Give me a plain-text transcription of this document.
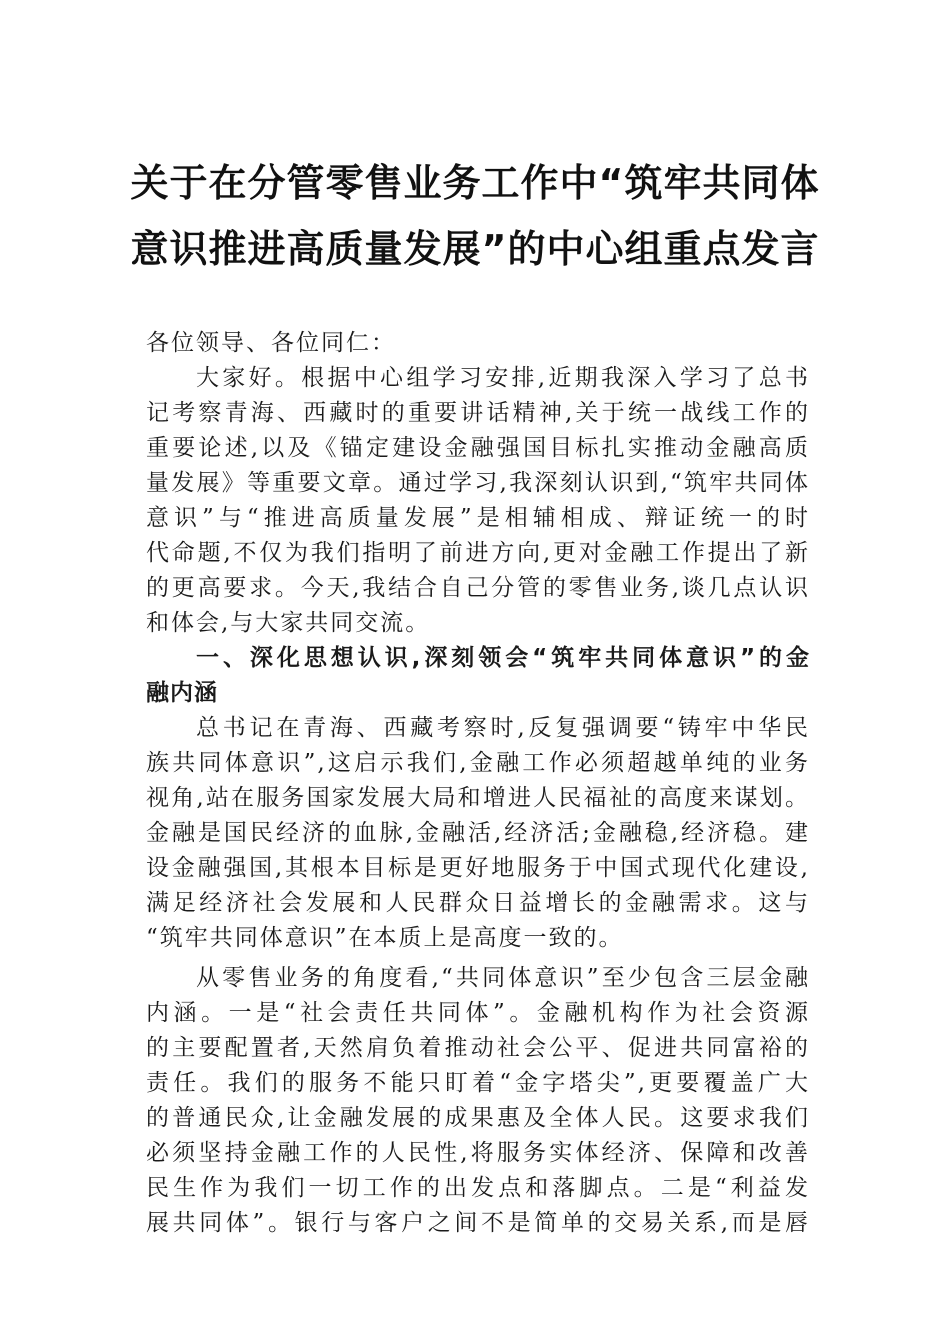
关于在分管零售业务工作中“筑牢共同体
意识推进高质量发展”的中心组重点发言
各位领导、各位同仁：
大家好。根据中心组学习安排,近期我深入学习了总书
记考察青海、西藏时的重要讲话精神,关于统一战线工作的
重要论述,以及《锚定建设金融强国目标扎实推动金融高质
量发展》等重要文章。通过学习,我深刻认识到,“筑牢共同体
意识”与“推进高质量发展”是相辅相成、辩证统一的时
代命题,不仅为我们指明了前进方向,更对金融工作提出了新
的更高要求。今天,我结合自己分管的零售业务,谈几点认识
和体会,与大家共同交流。
一、深化思想认识,深刻领会“筑牢共同体意识”的金
融内涵
总书记在青海、西藏考察时,反复强调要“铸牢中华民
族共同体意识”,这启示我们,金融工作必须超越单纯的业务
视角,站在服务国家发展大局和增进人民福祉的高度来谋划。
金融是国民经济的血脉,金融活,经济活;金融稳,经济稳。建
设金融强国,其根本目标是更好地服务于中国式现代化建设,
满足经济社会发展和人民群众日益增长的金融需求。这与
“筑牢共同体意识”在本质上是高度一致的。
从零售业务的角度看,“共同体意识”至少包含三层金融
内涵。一是“社会责任共同体”。金融机构作为社会资源
的主要配置者,天然肩负着推动社会公平、促进共同富裕的
责任。我们的服务不能只盯着“金字塔尖”,更要覆盖广大
的普通民众,让金融发展的成果惠及全体人民。这要求我们
必须坚持金融工作的人民性,将服务实体经济、保障和改善
民生作为我们一切工作的出发点和落脚点。二是“利益发
展共同体”。银行与客户之间不是简单的交易关系,而是唇
